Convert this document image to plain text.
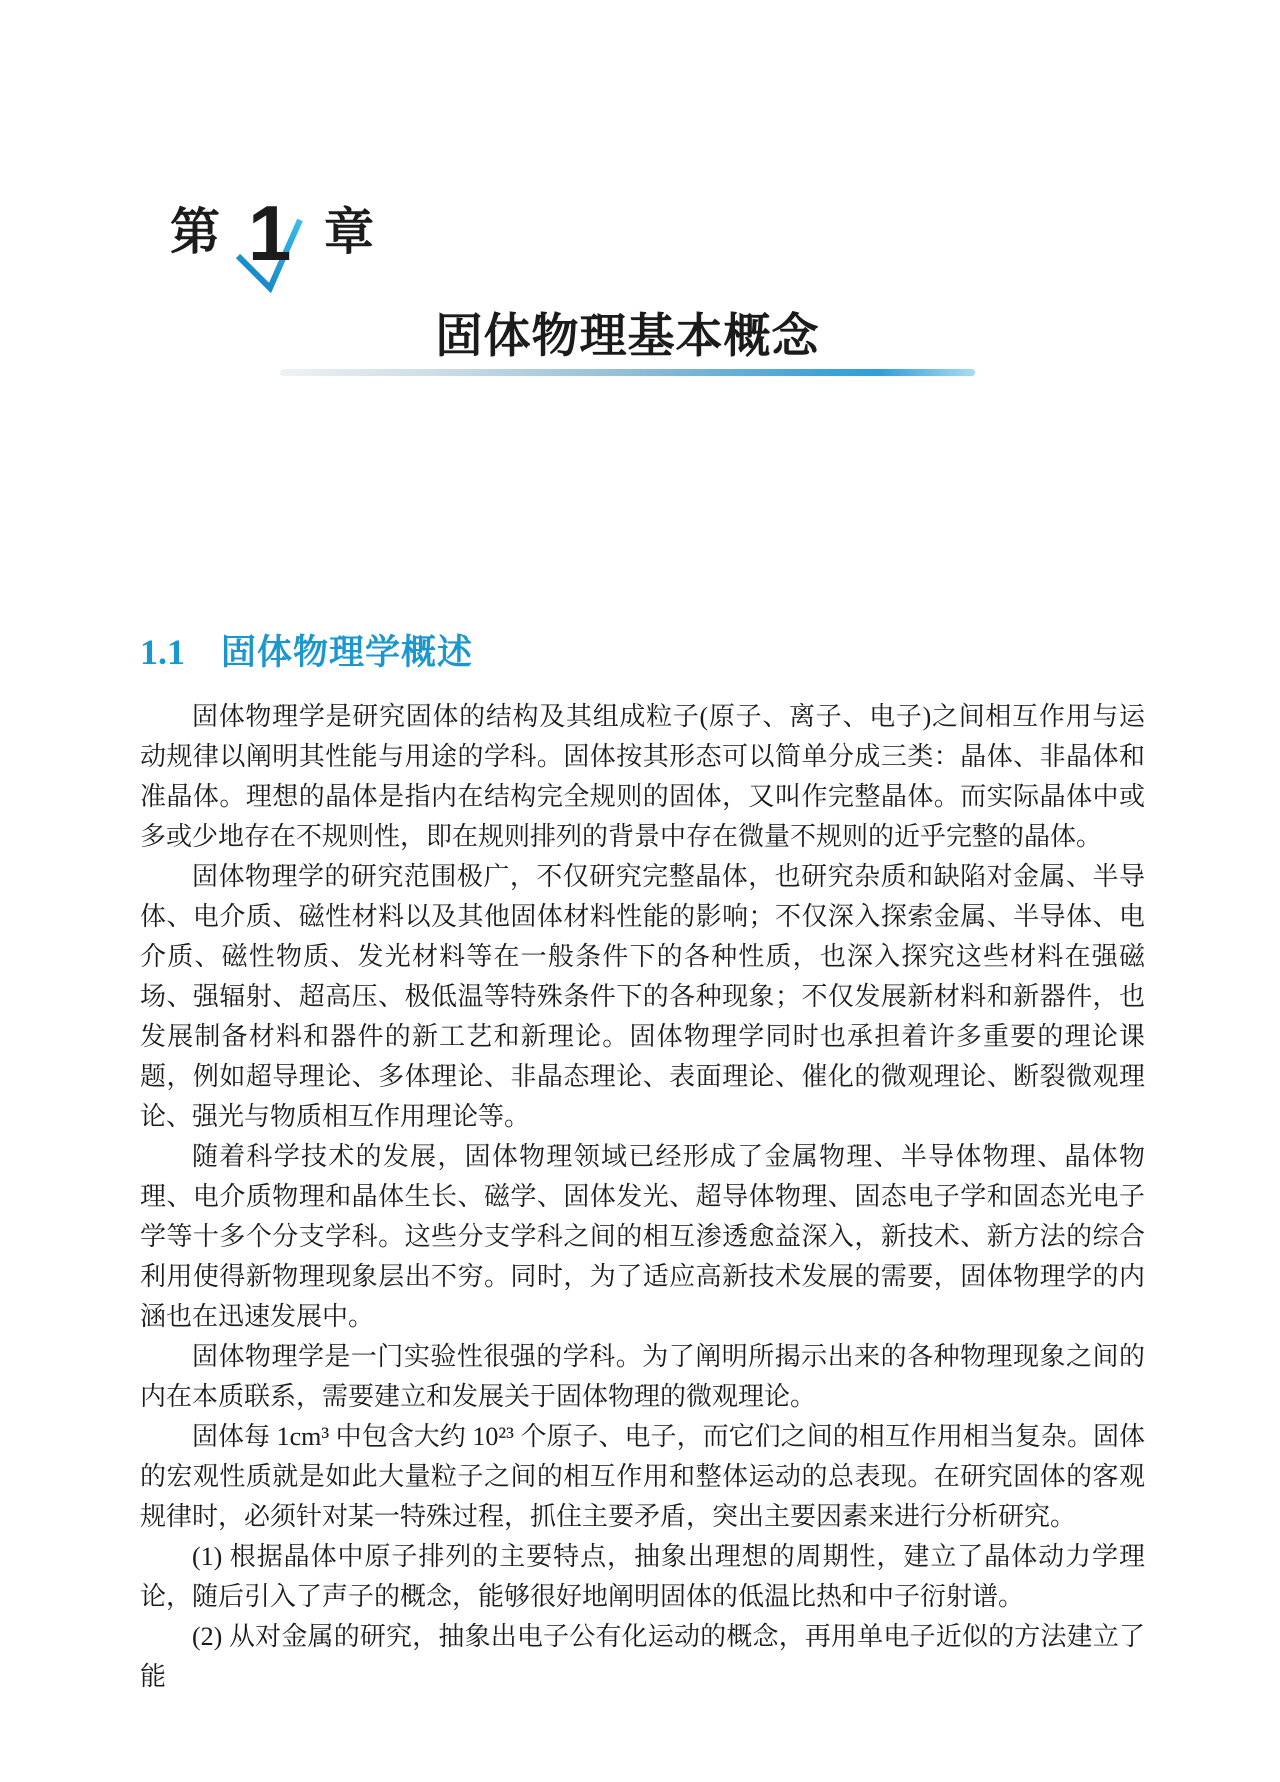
第 1 章
固体物理基本概念
1.1 固体物理学概述

固体物理学是研究固体的结构及其组成粒子(原子、离子、电子)之间相互作用与运动规律以阐明其性能与用途的学科。固体按其形态可以简单分成三类：晶体、非晶体和准晶体。理想的晶体是指内在结构完全规则的固体，又叫作完整晶体。而实际晶体中或多或少地存在不规则性，即在规则排列的背景中存在微量不规则的近乎完整的晶体。

固体物理学的研究范围极广，不仅研究完整晶体，也研究杂质和缺陷对金属、半导体、电介质、磁性材料以及其他固体材料性能的影响；不仅深入探索金属、半导体、电介质、磁性物质、发光材料等在一般条件下的各种性质，也深入探究这些材料在强磁场、强辐射、超高压、极低温等特殊条件下的各种现象；不仅发展新材料和新器件，也发展制备材料和器件的新工艺和新理论。固体物理学同时也承担着许多重要的理论课题，例如超导理论、多体理论、非晶态理论、表面理论、催化的微观理论、断裂微观理论、强光与物质相互作用理论等。

随着科学技术的发展，固体物理领域已经形成了金属物理、半导体物理、晶体物理、电介质物理和晶体生长、磁学、固体发光、超导体物理、固态电子学和固态光电子学等十多个分支学科。这些分支学科之间的相互渗透愈益深入，新技术、新方法的综合利用使得新物理现象层出不穷。同时，为了适应高新技术发展的需要，固体物理学的内涵也在迅速发展中。

固体物理学是一门实验性很强的学科。为了阐明所揭示出来的各种物理现象之间的内在本质联系，需要建立和发展关于固体物理的微观理论。

固体每 1cm³ 中包含大约 10²³ 个原子、电子，而它们之间的相互作用相当复杂。固体的宏观性质就是如此大量粒子之间的相互作用和整体运动的总表现。在研究固体的客观规律时，必须针对某一特殊过程，抓住主要矛盾，突出主要因素来进行分析研究。

(1) 根据晶体中原子排列的主要特点，抽象出理想的周期性，建立了晶体动力学理论，随后引入了声子的概念，能够很好地阐明固体的低温比热和中子衍射谱。

(2) 从对金属的研究，抽象出电子公有化运动的概念，再用单电子近似的方法建立了能
